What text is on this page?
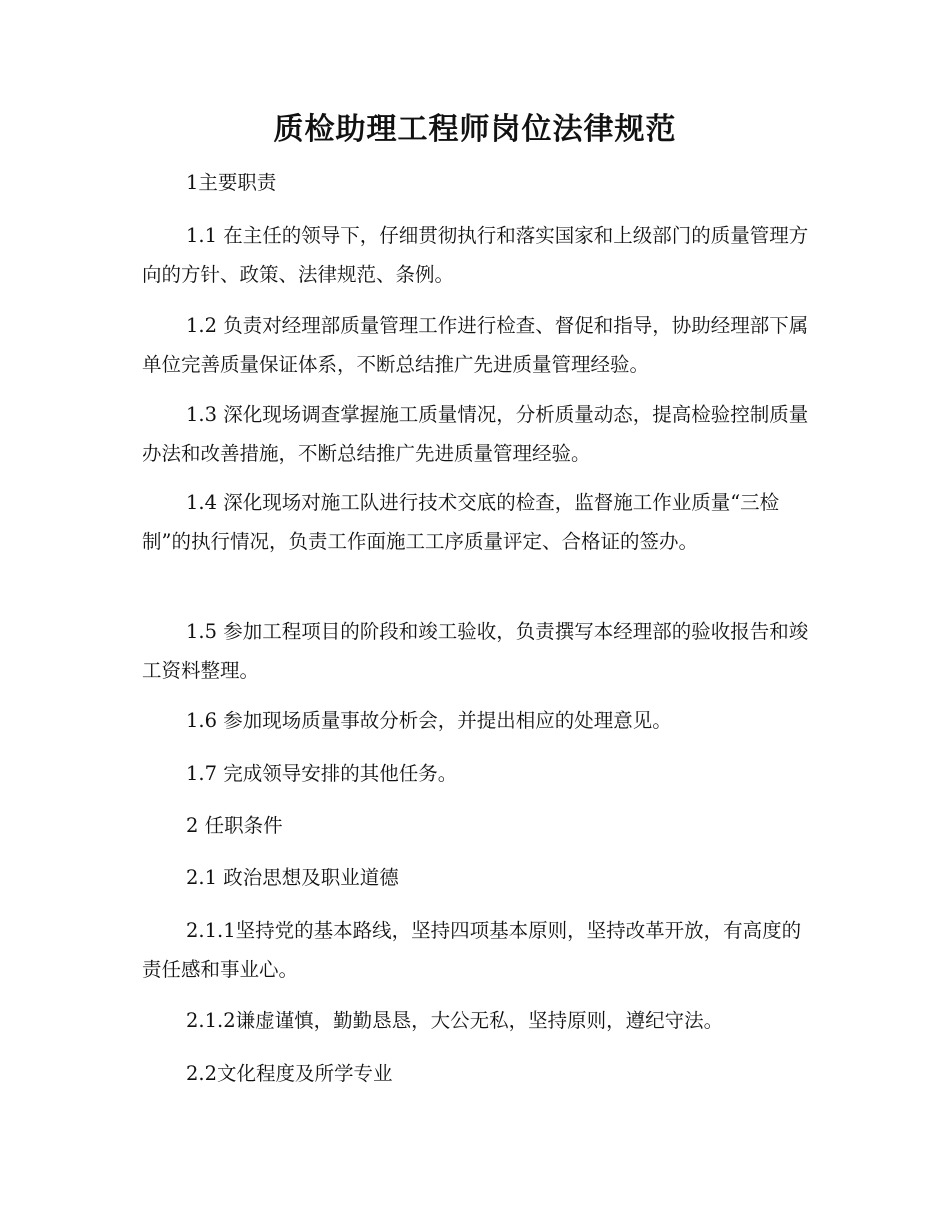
质检助理工程师岗位法律规范

1主要职责

1.1 在主任的领导下，仔细贯彻执行和落实国家和上级部门的质量管理方向的方针、政策、法律规范、条例。

1.2 负责对经理部质量管理工作进行检查、督促和指导，协助经理部下属单位完善质量保证体系，不断总结推广先进质量管理经验。

1.3 深化现场调查掌握施工质量情况，分析质量动态，提高检验控制质量办法和改善措施，不断总结推广先进质量管理经验。

1.4 深化现场对施工队进行技术交底的检查，监督施工作业质量“三检制”的执行情况，负责工作面施工工序质量评定、合格证的签办。

1.5 参加工程项目的阶段和竣工验收，负责撰写本经理部的验收报告和竣工资料整理。

1.6 参加现场质量事故分析会，并提出相应的处理意见。

1.7 完成领导安排的其他任务。

2 任职条件

2.1 政治思想及职业道德

2.1.1坚持党的基本路线，坚持四项基本原则，坚持改革开放，有高度的责任感和事业心。

2.1.2谦虚谨慎，勤勤恳恳，大公无私，坚持原则，遵纪守法。

2.2文化程度及所学专业
